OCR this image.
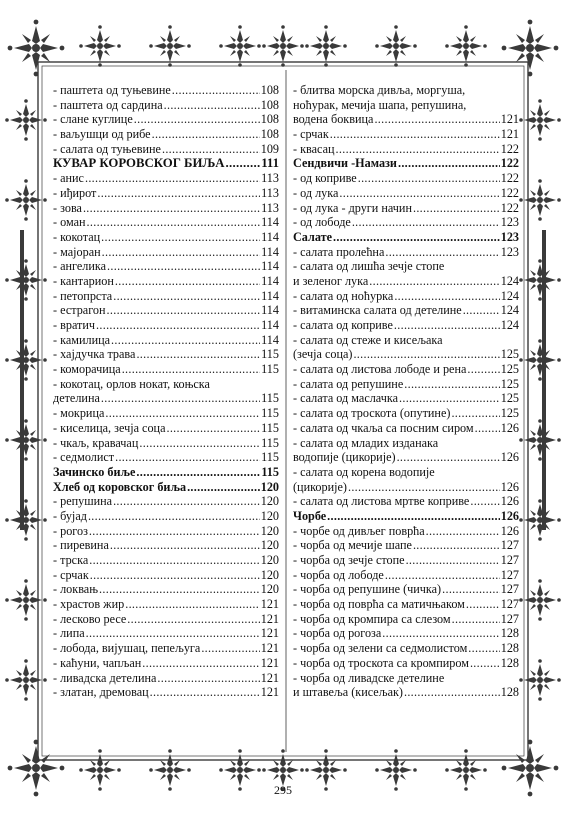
- паштета од туњевине .....	108
- паштета од сардина .....	108
- слане куглице .....	108
- ваљушци од рибе .....	108
- салата од туњевине .....	109
КУВАР КОРОВСКОГ БИЉА .....	111
- анис .....	113
- иђирот .....	113
- зова .....	113
- оман .....	114
- кокотац .....	114
- мајоран .....	114
- ангелика .....	114
- кантарион .....	114
- петопрста .....	114
- естрагон .....	114
- вратич .....	114
- камилица .....	114
- хајдучка трава .....	115
- коморачица .....	115
- кокотац, орлов нокат, коњска
детелина .....	115
- мокрица .....	115
- киселица, зечја соца .....	115
- чкаљ, кравачац .....	115
- седмолист .....	115
Зачинско биље .....	115
Хлеб од коровског биља .....	120
- репушина .....	120
- бујад .....	120
- рогоз .....	120
- пиревина .....	120
- трска .....	120
- срчак .....	120
- локвањ .....	120
- храстов жир .....	121
- лесково ресе .....	121
- липа .....	121
- лобода, вијушац, пепељуга .....	121
- каћуни, чапљан .....	121
- ливадска детелина .....	121
- златан, дремовац .....	121
- блитва морска дивља, моргуша,
ноћурак, мечија шапа, репушина,
водена боквица .....	121
- срчак .....	121
- квасац .....	122
Сендвичи -Намази .....	122
- од коприве .....	122
- од лука .....	122
- од лука - други начин .....	122
- од лободе .....	123
Салате .....	123
- салата пролећна .....	123
- салата од лишћа зечје стопе
и зеленог лука .....	124
- салата од ноћурка .....	124
- витаминска салата од детелине .....	124
- салата од коприве .....	124
- салата од стеже и кисељака
(зечја соца) .....	125
- салата од листова лободе и рена .....	125
- салата од репушине .....	125
- салата од маслачка .....	125
- салата од троскота (опутине) .....	125
- салата од чкаља са посним сиром ..... 126
- салата од младих изданака
водопије (цикорије) .....	126
- салата од корена водопије
(цикорије) .....	126
- салата од листова мртве коприве .....	126
Чорбе .....	126
- чорбе од дивљег поврћа .....	126
- чорба од мечије шапе .....	127
- чорба од зечје стопе .....	127
- чорба од лободе .....	127
- чорба од репушине (чичка) .....	127
- чорба од поврћа са матичњаком .....	127
- чорба од кромпира са слезом .....	127
- чорба од рогоза .....	128
- чорба од зелени са седмолистом .....	128
- чорба од троскота са кромпиром .....	128
- чорба од ливадске детелине
и штавеља (кисељак) .....	128
295
